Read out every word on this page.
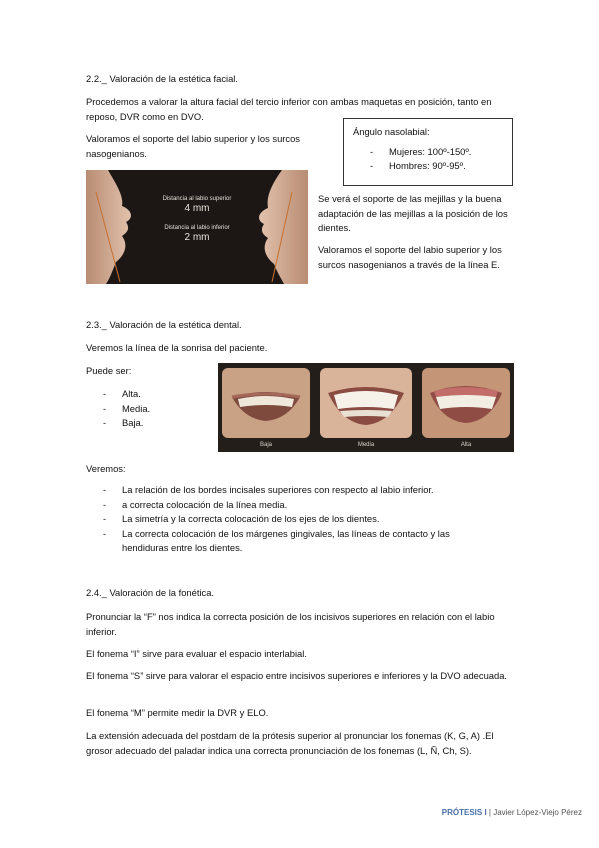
2.2._ Valoración de la estética facial.

Procedemos a valorar la altura facial del tercio inferior con ambas maquetas en posición, tanto en reposo, DVR como en DVO.

Valoramos el soporte del labio superior y los surcos nasogenianos.

Ángulo nasolabial:

- Mujeres: 100º-150º.
- Hombres: 90º-95º.
Distancia al labio superior
4 mm
Distancia al labio inferior
2 mm

Se verá el soporte de las mejillas y la buena adaptación de las mejillas a la posición de los dientes.

Valoramos el soporte del labio superior y los surcos nasogenianos a través de la línea E.

2.3._ Valoración de la estética dental.

Veremos la línea de la sonrisa del paciente.

Puede ser:

- Alta.
- Media.
- Baja.
Baja	Media	Alta

Veremos:

- La relación de los bordes incisales superiores con respecto al labio inferior.
- a correcta colocación de la línea media.
- La simetría y la correcta colocación de los ejes de los dientes.
- La correcta colocación de los márgenes gingivales, las líneas de contacto y las hendiduras entre los dientes.

2.4._ Valoración de la fonética.

Pronunciar la “F” nos indica la correcta posición de los incisivos superiores en relación con el labio inferior.

El fonema “I” sirve para evaluar el espacio interlabial.

El fonema “S” sirve para valorar el espacio entre incisivos superiores e inferiores y la DVO adecuada.

El fonema “M” permite medir la DVR y ELO.

La extensión adecuada del postdam de la prótesis superior al pronunciar los fonemas (K, G, A) .El grosor adecuado del paladar indica una correcta pronunciación de los fonemas (L, Ñ, Ch, S).

PRÓTESIS I | Javier López-Viejo Pérez
